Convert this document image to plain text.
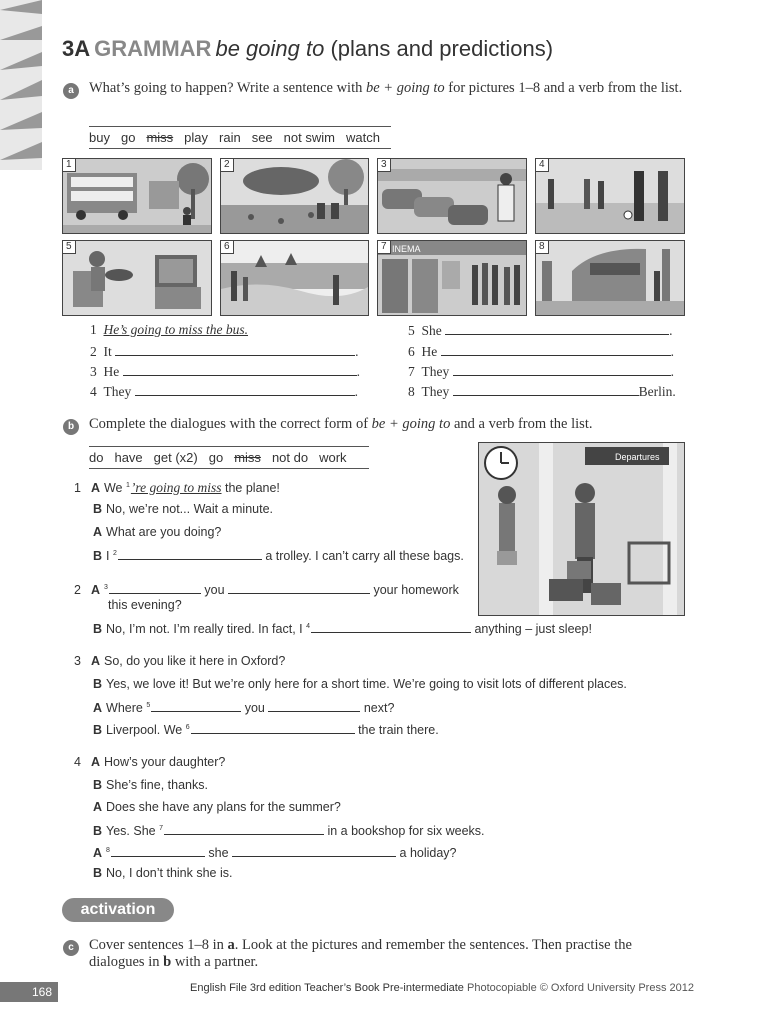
3A GRAMMAR be going to (plans and predictions)
a	What’s going to happen? Write a sentence with be + going to for pictures 1–8 and a verb from the list.
buy go miss play rain see not swim watch
1	2	3	4
5	6	INEMA
7	8
1 He’s going to miss the bus.
2 It	.
3 He	.
4 They	.
5 She	.
6 He	.
7 They	.
8 They	Berlin.
b	Complete the dialogues with the correct form of be + going to and a verb from the list.
do have get (x2) go miss not do work	Departures
1 A We $^1$’re going to miss the plane!
B No, we’re not... Wait a minute.
A What are you doing?
B I $^2$	a trolley. I can’t carry all these bags.
2 A $^3$	you	your homework
this evening?
B No, I’m not. I’m really tired. In fact, I $^4$	anything – just sleep!
3 A So, do you like it here in Oxford?
B Yes, we love it! But we’re only here for a short time. We’re going to visit lots of different places.
A Where $^5$	you	next?
B Liverpool. We $^6$	the train there.
4 A How’s your daughter?
B She’s fine, thanks.
A Does she have any plans for the summer?
B Yes. She $^7$	in a bookshop for six weeks.
A $^8$	she	a holiday?
B No, I don’t think she is.
activation
c	Cover sentences 1–8 in a. Look at the pictures and remember the sentences. Then practise the
dialogues in b with a partner.
168	English File 3rd edition Teacher’s Book Pre-intermediate Photocopiable © Oxford University Press 2012
